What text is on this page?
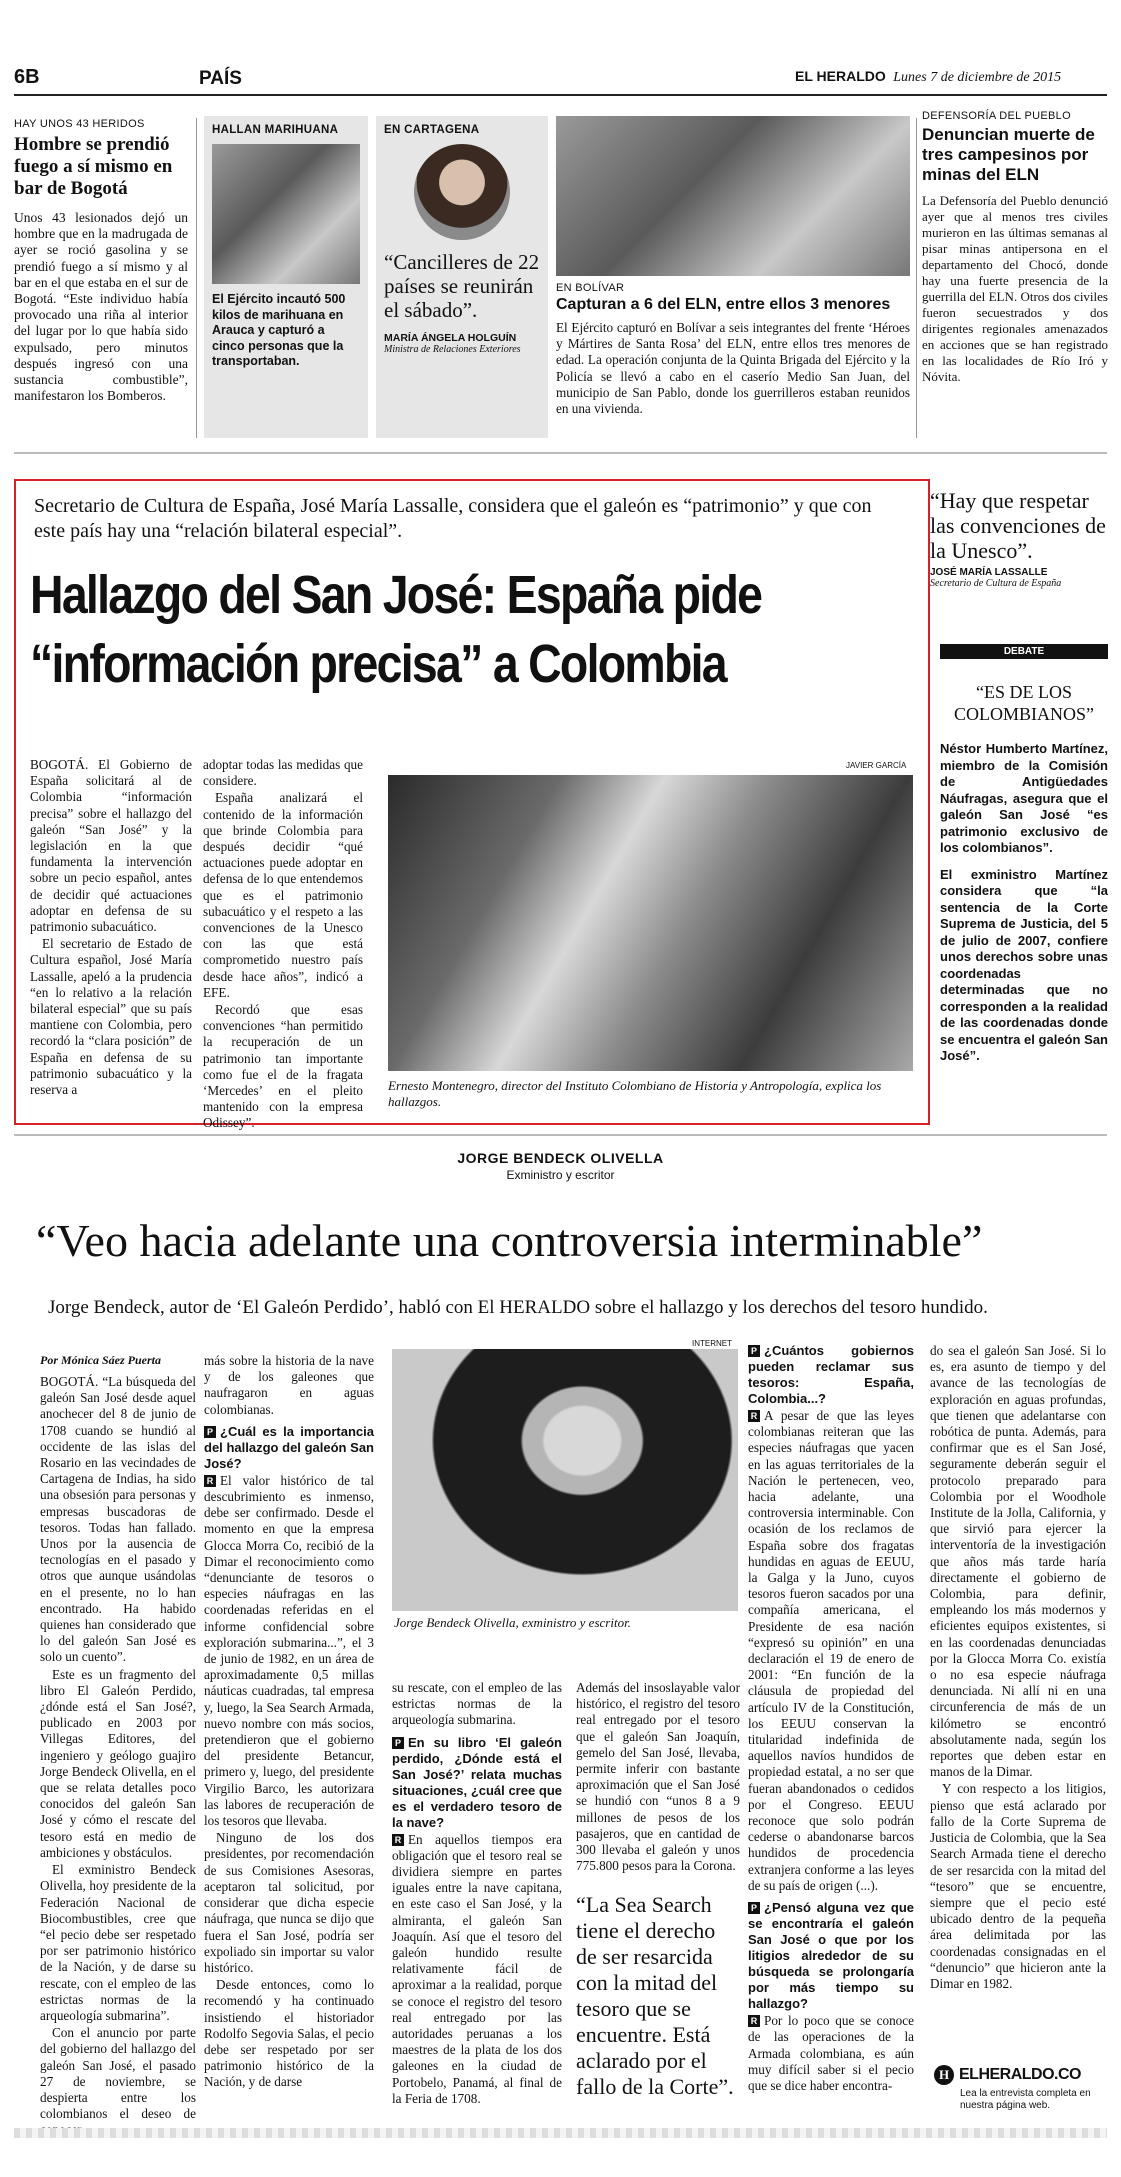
6B	PAÍS	EL HERALDO Lunes 7 de diciembre de 2015
HAY UNOS 43 HERIDOS
Hombre se prendió fuego a sí mismo en bar de Bogotá

Unos 43 lesionados dejó un hombre que en la madrugada de ayer se roció gasolina y se prendió fuego a sí mismo y al bar en el que estaba en el sur de Bogotá. “Este individuo había provocado una riña al interior del lugar por lo que había sido expulsado, pero minutos después ingresó con una sustancia combustible”, manifestaron los Bomberos.

HALLAN MARIHUANA
El Ejército incautó 500 kilos de marihuana en Arauca y capturó a cinco personas que la transportaban.
EN CARTAGENA
“Cancilleres de 22 países se reunirán el sábado”.
MARÍA ÁNGELA HOLGUÍN
Ministra de Relaciones Exteriores
EN BOLÍVAR
Capturan a 6 del ELN, entre ellos 3 menores

El Ejército capturó en Bolívar a seis integrantes del frente ‘Héroes y Mártires de Santa Rosa’ del ELN, entre ellos tres menores de edad. La operación conjunta de la Quinta Brigada del Ejército y la Policía se llevó a cabo en el caserío Medio San Juan, del municipio de San Pablo, donde los guerrilleros estaban reunidos en una vivienda.

DEFENSORÍA DEL PUEBLO
Denuncian muerte de tres campesinos por minas del ELN

La Defensoría del Pueblo denunció ayer que al menos tres civiles murieron en las últimas semanas al pisar minas antipersona en el departamento del Chocó, donde hay una fuerte presencia de la guerrilla del ELN. Otros dos civiles fueron secuestrados y dos dirigentes regionales amenazados en acciones que se han registrado en las localidades de Río Iró y Nóvita.

Secretario de Cultura de España, José María Lassalle, considera que el galeón es “patrimonio” y que con este país hay una “relación bilateral especial”.
Hallazgo del San José: España pide
“información precisa” a Colombia

BOGOTÁ. El Gobierno de España solicitará al de Colombia “información precisa” sobre el hallazgo del galeón “San José” y la legislación en la que fundamenta la intervención sobre un pecio español, antes de decidir qué actuaciones adoptar en defensa de su patrimonio subacuático.

El secretario de Estado de Cultura español, José María Lassalle, apeló a la prudencia “en lo relativo a la relación bilateral especial” que su país mantiene con Colombia, pero recordó la “clara posición” de España en defensa de su patrimonio subacuático y la reserva a

adoptar todas las medidas que considere.

España analizará el contenido de la información que brinde Colombia para después decidir “qué actuaciones puede adoptar en defensa de lo que entendemos que es el patrimonio subacuático y el respeto a las convenciones de la Unesco con las que está comprometido nuestro país desde hace años”, indicó a EFE.

Recordó que esas convenciones “han permitido la recuperación de un patrimonio tan importante como fue el de la fragata ‘Mercedes’ en el pleito mantenido con la empresa Odissey”.

JAVIER GARCÍA
Ernesto Montenegro, director del Instituto Colombiano de Historia y Antropología, explica los hallazgos.
“Hay que respetar las convenciones de la Unesco”.
JOSÉ MARÍA LASSALLE
Secretario de Cultura de España
DEBATE
“ES DE LOS COLOMBIANOS”

Néstor Humberto Martínez, miembro de la Comisión de Antigüedades Náufragas, asegura que el galeón San José “es patrimonio exclusivo de los colombianos”.

El exministro Martínez considera que “la sentencia de la Corte Suprema de Justicia, del 5 de julio de 2007, confiere unos derechos sobre unas coordenadas determinadas que no corresponden a la realidad de las coordenadas donde se encuentra el galeón San José”.

JORGE BENDECK OLIVELLA
Exministro y escritor
“Veo hacia adelante una controversia interminable”
Jorge Bendeck, autor de ‘El Galeón Perdido’, habló con El HERALDO sobre el hallazgo y los derechos del tesoro hundido.
Por Mónica Sáez Puerta

BOGOTÁ. “La búsqueda del galeón San José desde aquel anochecer del 8 de junio de 1708 cuando se hundió al occidente de las islas del Rosario en las vecindades de Cartagena de Indias, ha sido una obsesión para personas y empresas buscadoras de tesoros. Todas han fallado. Unos por la ausencia de tecnologías en el pasado y otros que aunque usándolas en el presente, no lo han encontrado. Ha habido quienes han considerado que lo del galeón San José es solo un cuento”.

Este es un fragmento del libro El Galeón Perdido, ¿dónde está el San José?, publicado en 2003 por Villegas Editores, del ingeniero y geólogo guajiro Jorge Bendeck Olivella, en el que se relata detalles poco conocidos del galeón San José y cómo el rescate del tesoro está en medio de ambiciones y obstáculos.

El exministro Bendeck Olivella, hoy presidente de la Federación Nacional de Biocombustibles, cree que “el pecio debe ser respetado por ser patrimonio histórico de la Nación, y de darse su rescate, con el empleo de las estrictas normas de la arqueología submarina”.

Con el anuncio por parte del gobierno del hallazgo del galeón San José, el pasado 27 de noviembre, se despierta entre los colombianos el deseo de

más sobre la historia de la nave y de los galeones que naufragaron en aguas colombianas.

P ¿Cuál es la importancia del hallazgo del galeón San José?

R El valor histórico de tal descubrimiento es inmenso, debe ser confirmado. Desde el momento en que la empresa Glocca Morra Co, recibió de la Dimar el reconocimiento como “denunciante de tesoros o especies náufragas en las coordenadas referidas en el informe confidencial sobre exploración submarina...”, el 3 de junio de 1982, en un área de aproximadamente 0,5 millas náuticas cuadradas, tal empresa y, luego, la Sea Search Armada, nuevo nombre con más socios, pretendieron que el gobierno del presidente Betancur, primero y, luego, del presidente Virgilio Barco, les autorizara las labores de recuperación de los tesoros que llevaba.

Ninguno de los dos presidentes, por recomendación de sus Comisiones Asesoras, aceptaron tal solicitud, por considerar que dicha especie náufraga, que nunca se dijo que fuera el San José, podría ser expoliado sin importar su valor histórico.

Desde entonces, como lo recomendó y ha continuado insistiendo el historiador Rodolfo Segovia Salas, el pecio debe ser respetado por ser patrimonio histórico de la Nación, y de darse

INTERNET
Jorge Bendeck Olivella, exministro y escritor.

su rescate, con el empleo de las estrictas normas de la arqueología submarina.

P En su libro ‘El galeón perdido, ¿Dónde está el San José?’ relata muchas situaciones, ¿cuál cree que es el verdadero tesoro de la nave?

R En aquellos tiempos era obligación que el tesoro real se dividiera siempre en partes iguales entre la nave capitana, en este caso el San José, y la almiranta, el galeón San Joaquín. Así que el tesoro del galeón hundido resulte relativamente fácil de aproximar a la realidad, porque se conoce el registro del tesoro real entregado por las autoridades peruanas a los maestres de la plata de los dos galeones en la ciudad de Portobelo, Panamá, al final de la Feria de 1708.

Además del insoslayable valor histórico, el registro del tesoro real entregado por el tesoro que el galeón San Joaquín, gemelo del San José, llevaba, permite inferir con bastante aproximación que el San José se hundió con “unos 8 a 9 millones de pesos de los pasajeros, que en cantidad de 300 llevaba el galeón y unos 775.800 pesos para la Corona.

“La Sea Search tiene el derecho de ser resarcida con la mitad del tesoro que se encuentre. Está aclarado por el fallo de la Corte”.

P ¿Cuántos gobiernos pueden reclamar sus tesoros: España, Colombia...?

R A pesar de que las leyes colombianas reiteran que las especies náufragas que yacen en las aguas territoriales de la Nación le pertenecen, veo, hacia adelante, una controversia interminable. Con ocasión de los reclamos de España sobre dos fragatas hundidas en aguas de EEUU, la Galga y la Juno, cuyos tesoros fueron sacados por una compañía americana, el Presidente de esa nación “expresó su opinión” en una declaración el 19 de enero de 2001: “En función de la cláusula de propiedad del artículo IV de la Constitución, los EEUU conservan la titularidad indefinida de aquellos navíos hundidos de propiedad estatal, a no ser que fueran abandonados o cedidos por el Congreso. EEUU reconoce que solo podrán cederse o abandonarse barcos hundidos de procedencia extranjera conforme a las leyes de su país de origen (...).

P ¿Pensó alguna vez que se encontraría el galeón San José o que por los litigios alrededor de su búsqueda se prolongaría por más tiempo su hallazgo?

R Por lo poco que se conoce de las operaciones de la Armada colombiana, es aún muy difícil saber si el pecio que se dice haber encontra-

do sea el galeón San José. Si lo es, era asunto de tiempo y del avance de las tecnologías de exploración en aguas profundas, que tienen que adelantarse con robótica de punta. Además, para confirmar que es el San José, seguramente deberán seguir el protocolo preparado para Colombia por el Woodhole Institute de la Jolla, California, y que sirvió para ejercer la interventoría de la investigación que años más tarde haría directamente el gobierno de Colombia, para definir, empleando los más modernos y eficientes equipos existentes, si en las coordenadas denunciadas por la Glocca Morra Co. existía o no esa especie náufraga denunciada. Ni allí ni en una circunferencia de más de un kilómetro se encontró absolutamente nada, según los reportes que deben estar en manos de la Dimar.

Y con respecto a los litigios, pienso que está aclarado por fallo de la Corte Suprema de Justicia de Colombia, que la Sea Search Armada tiene el derecho de ser resarcida con la mitad del “tesoro” que se encuentre, siempre que el pecio esté ubicado dentro de la pequeña área delimitada por las coordenadas consignadas en el “denuncio” que hicieron ante la Dimar en 1982.

H ELHERALDO.CO
Lea la entrevista completa en nuestra página web.
